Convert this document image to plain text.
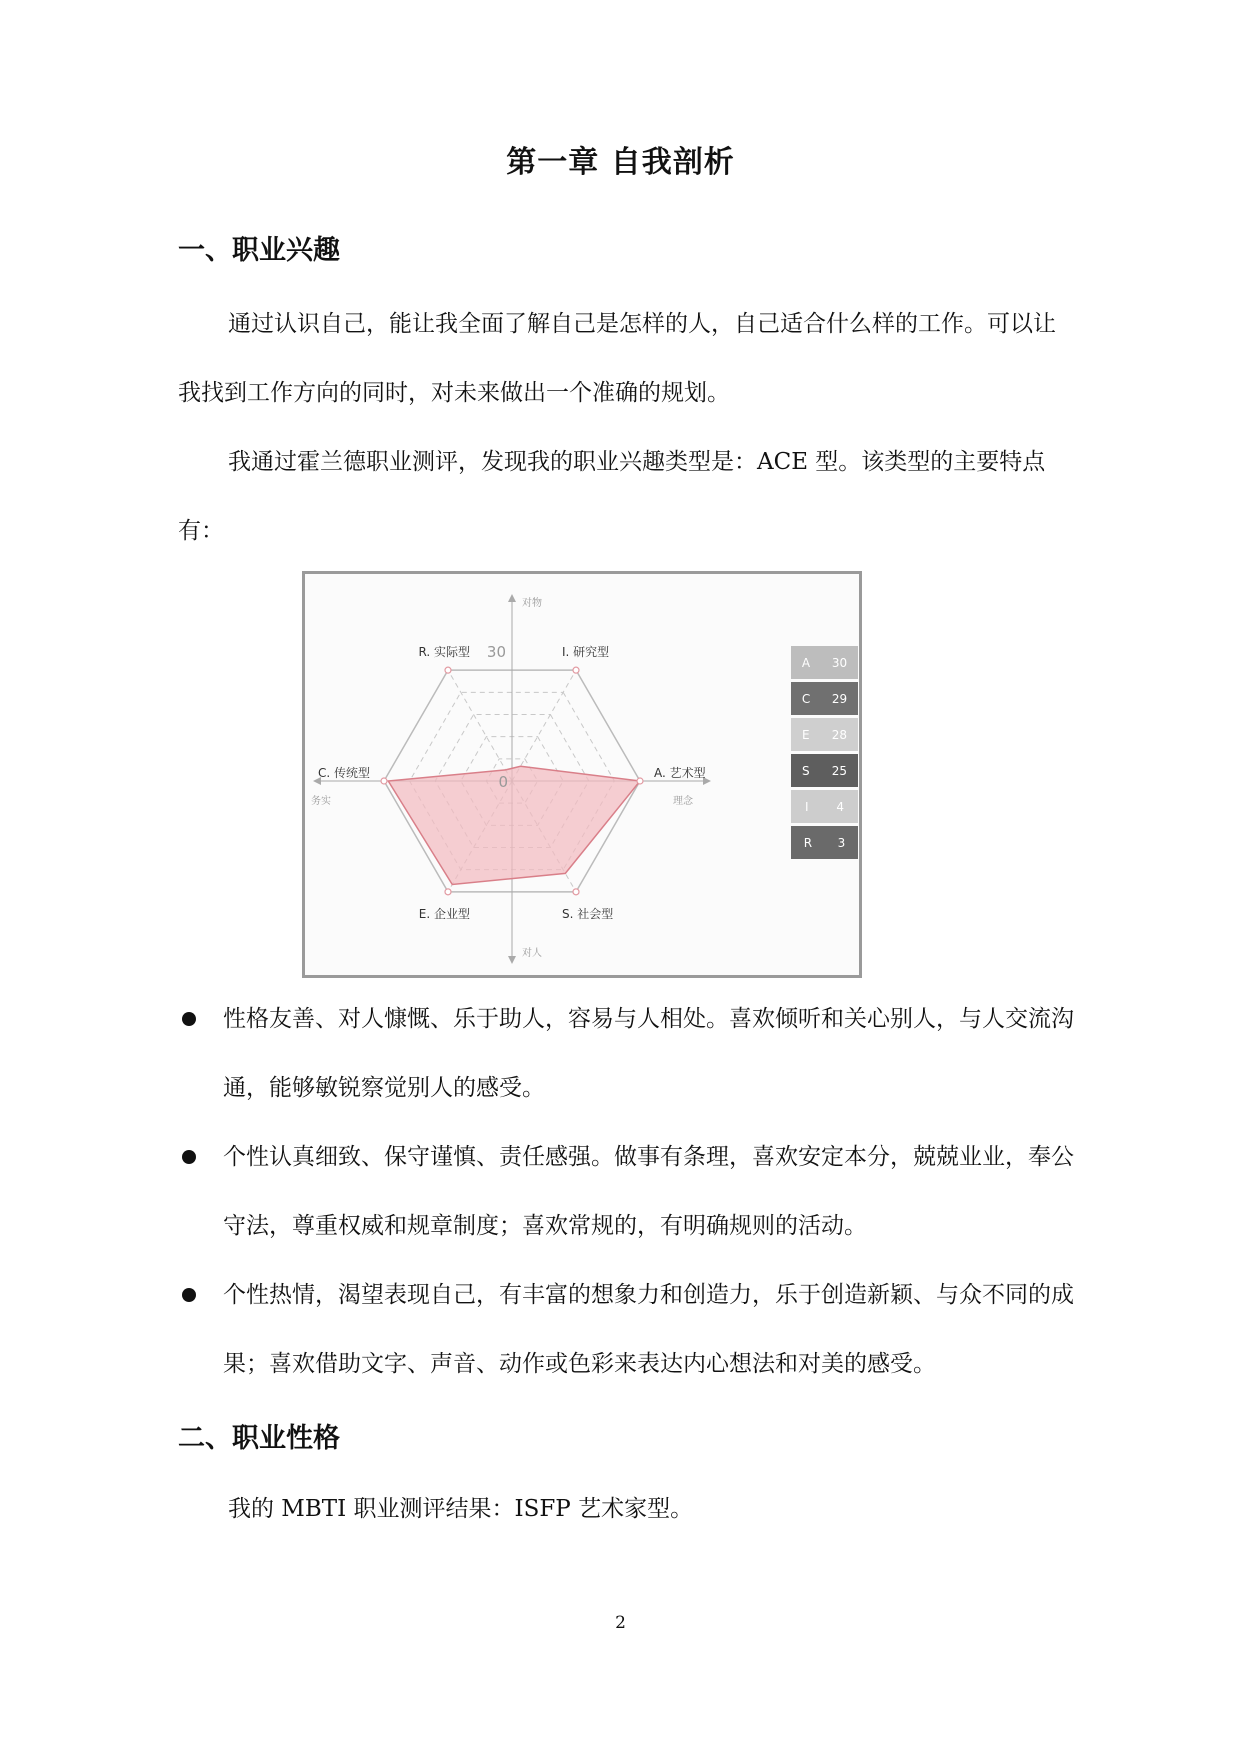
第一章 自我剖析
一、职业兴趣

通过认识自己，能让我全面了解自己是怎样的人，自己适合什么样的工作。可以让我找到工作方向的同时，对未来做出一个准确的规划。

我通过霍兰德职业测评，发现我的职业兴趣类型是：ACE 型。该类型的主要特点有：

I. 研究型
A. 艺术型
S. 社会型
E. 企业型
C. 传统型
R. 实际型
对物
对人
务实	理念
30
0
A 30
C 29
E 28
S 25
I 4
R 3
性格友善、对人慷慨、乐于助人，容易与人相处。喜欢倾听和关心别人，与人交流沟通，能够敏锐察觉别人的感受。
个性认真细致、保守谨慎、责任感强。做事有条理，喜欢安定本分，兢兢业业，奉公守法，尊重权威和规章制度；喜欢常规的，有明确规则的活动。
个性热情，渴望表现自己，有丰富的想象力和创造力，乐于创造新颖、与众不同的成果；喜欢借助文字、声音、动作或色彩来表达内心想法和对美的感受。
二、职业性格

我的 MBTI 职业测评结果：ISFP 艺术家型。

2
